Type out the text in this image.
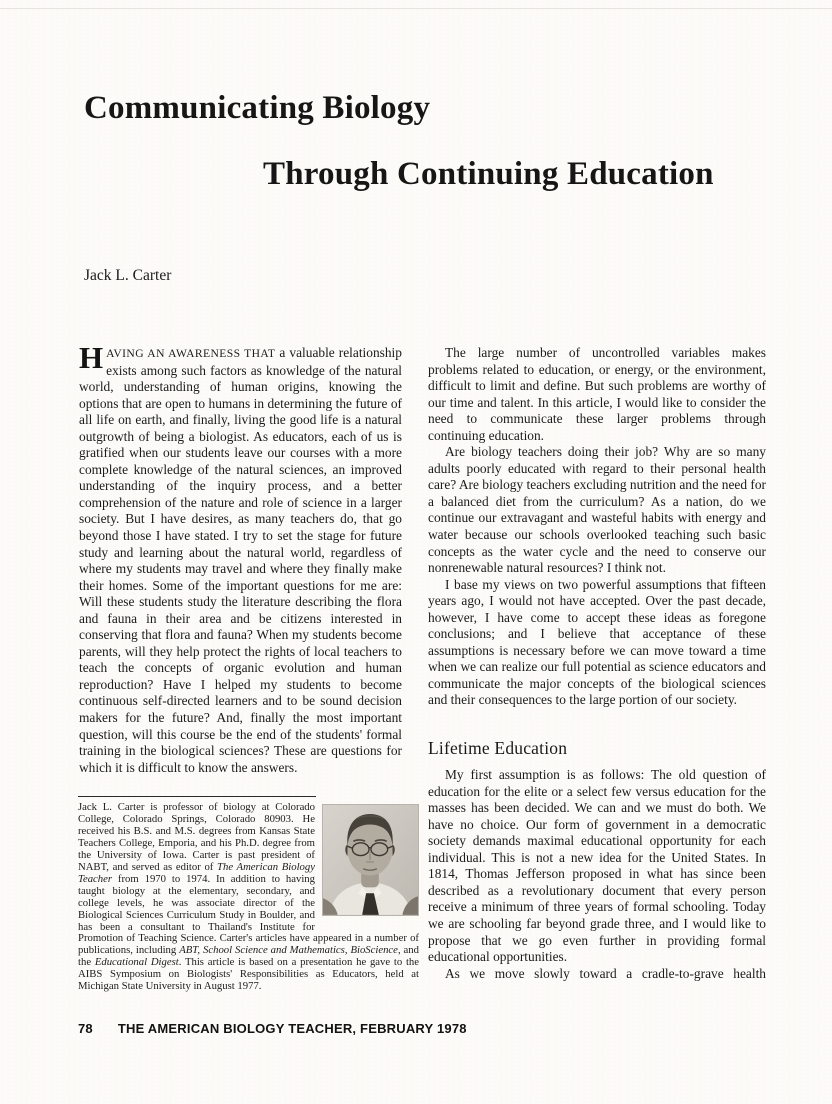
Communicating Biology
Through Continuing Education
Jack L. Carter

HAVING AN AWARENESS THAT a valuable relationship exists among such factors as knowledge of the natural world, understanding of human origins, knowing the options that are open to humans in determining the future of all life on earth, and finally, living the good life is a natural outgrowth of being a biologist. As educators, each of us is gratified when our students leave our courses with a more complete knowledge of the natural sciences, an improved understanding of the inquiry process, and a better comprehension of the nature and role of science in a larger society. But I have desires, as many teachers do, that go beyond those I have stated. I try to set the stage for future study and learning about the natural world, regardless of where my students may travel and where they finally make their homes. Some of the important questions for me are: Will these students study the literature describing the flora and fauna in their area and be citizens interested in conserving that flora and fauna? When my students become parents, will they help protect the rights of local teachers to teach the concepts of organic evolution and human reproduction? Have I helped my students to become continuous self-directed learners and to be sound decision makers for the future? And, finally the most important question, will this course be the end of the students' formal training in the biological sciences? These are questions for which it is difficult to know the answers.

Jack L. Carter is professor of biology at Colorado College, Colorado Springs, Colorado 80903. He received his B.S. and M.S. degrees from Kansas State Teachers College, Emporia, and his Ph.D. degree from the University of Iowa. Carter is past president of NABT, and served as editor of The American Biology Teacher from 1970 to 1974. In addition to having taught biology at the elementary, secondary, and college levels, he was associate director of the Biological Sciences Curriculum Study in Boulder, and has been a consultant to Thailand's Institute for Promotion of Teaching Science. Carter's articles have appeared in a number of publications, including ABT, School Science and Mathematics, BioScience, and the Educational Digest. This article is based on a presentation he gave to the AIBS Symposium on Biologists' Responsibilities as Educators, held at Michigan State University in August 1977.

The large number of uncontrolled variables makes problems related to education, or energy, or the environment, difficult to limit and define. But such problems are worthy of our time and talent. In this article, I would like to consider the need to communicate these larger problems through continuing education.

Are biology teachers doing their job? Why are so many adults poorly educated with regard to their personal health care? Are biology teachers excluding nutrition and the need for a balanced diet from the curriculum? As a nation, do we continue our extravagant and wasteful habits with energy and water because our schools overlooked teaching such basic concepts as the water cycle and the need to conserve our nonrenewable natural resources? I think not.

I base my views on two powerful assumptions that fifteen years ago, I would not have accepted. Over the past decade, however, I have come to accept these ideas as foregone conclusions; and I believe that acceptance of these assumptions is necessary before we can move toward a time when we can realize our full potential as science educators and communicate the major concepts of the biological sciences and their consequences to the large portion of our society.

Lifetime Education

My first assumption is as follows: The old question of education for the elite or a select few versus education for the masses has been decided. We can and we must do both. We have no choice. Our form of government in a democratic society demands maximal educational opportunity for each individual. This is not a new idea for the United States. In 1814, Thomas Jefferson proposed in what has since been described as a revolutionary document that every person receive a minimum of three years of formal schooling. Today we are schooling far beyond grade three, and I would like to propose that we go even further in providing formal educational opportunities.

As we move slowly toward a cradle-to-grave health

78 THE AMERICAN BIOLOGY TEACHER, FEBRUARY 1978
